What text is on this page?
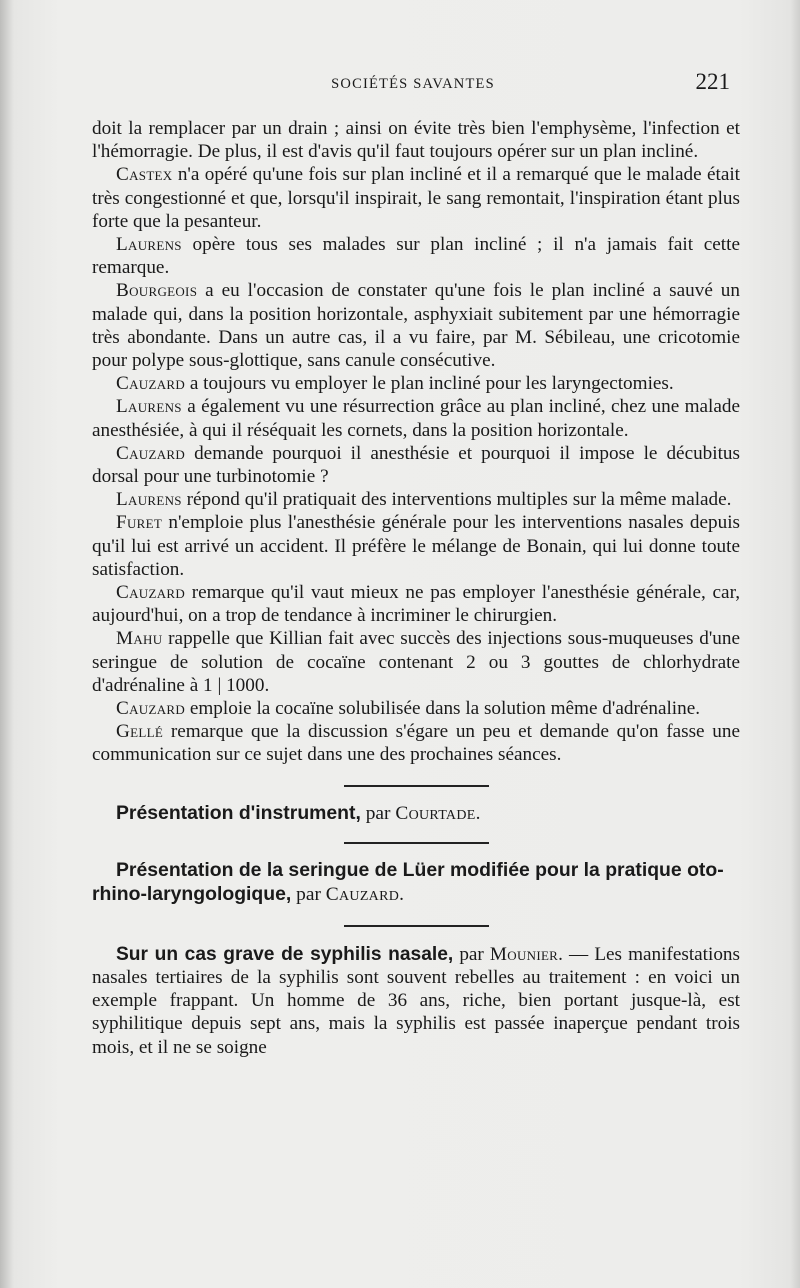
SOCIÉTÉS SAVANTES	221

doit la remplacer par un drain ; ainsi on évite très bien l'emphysème, l'infection et l'hémorragie. De plus, il est d'avis qu'il faut toujours opérer sur un plan incliné.

Castex n'a opéré qu'une fois sur plan incliné et il a remarqué que le malade était très congestionné et que, lorsqu'il inspirait, le sang remontait, l'inspiration étant plus forte que la pesanteur.

Laurens opère tous ses malades sur plan incliné ; il n'a jamais fait cette remarque.

Bourgeois a eu l'occasion de constater qu'une fois le plan incliné a sauvé un malade qui, dans la position horizontale, asphyxiait subitement par une hémorragie très abondante. Dans un autre cas, il a vu faire, par M. Sébileau, une cricotomie pour polype sous-glottique, sans canule consécutive.

Cauzard a toujours vu employer le plan incliné pour les laryngectomies.

Laurens a également vu une résurrection grâce au plan incliné, chez une malade anesthésiée, à qui il réséquait les cornets, dans la position horizontale.

Cauzard demande pourquoi il anesthésie et pourquoi il impose le décubitus dorsal pour une turbinotomie ?

Laurens répond qu'il pratiquait des interventions multiples sur la même malade.

Furet n'emploie plus l'anesthésie générale pour les interventions nasales depuis qu'il lui est arrivé un accident. Il préfère le mélange de Bonain, qui lui donne toute satisfaction.

Cauzard remarque qu'il vaut mieux ne pas employer l'anesthésie générale, car, aujourd'hui, on a trop de tendance à incriminer le chirurgien.

Mahu rappelle que Killian fait avec succès des injections sous-muqueuses d'une seringue de solution de cocaïne contenant 2 ou 3 gouttes de chlorhydrate d'adrénaline à 1 | 1000.

Cauzard emploie la cocaïne solubilisée dans la solution même d'adrénaline.

Gellé remarque que la discussion s'égare un peu et demande qu'on fasse une communication sur ce sujet dans une des prochaines séances.

Présentation d'instrument, par Courtade.
Présentation de la seringue de Lüer modifiée pour la pratique oto-rhino-laryngologique, par Cauzard.

Sur un cas grave de syphilis nasale, par Mounier. — Les manifestations nasales tertiaires de la syphilis sont souvent rebelles au traitement : en voici un exemple frappant. Un homme de 36 ans, riche, bien portant jusque-là, est syphilitique depuis sept ans, mais la syphilis est passée inaperçue pendant trois mois, et il ne se soigne
